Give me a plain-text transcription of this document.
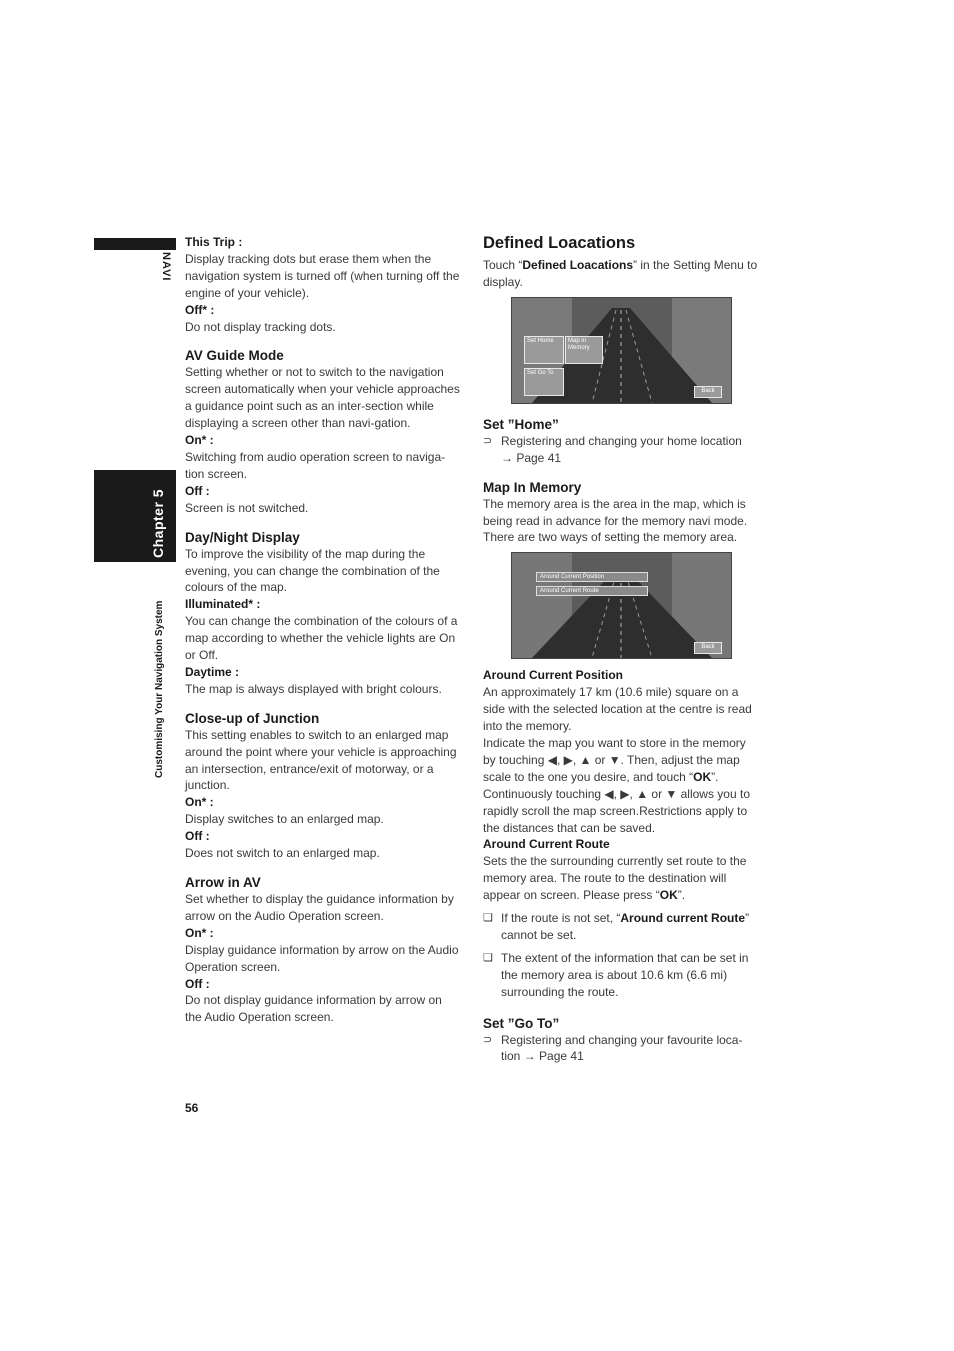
NAVI
Chapter 5
Customising Your Navigation System

This Trip :

Display tracking dots but erase them when the navigation system is turned off (when turning off the engine of your vehicle).

Off* :

Do not display tracking dots.

AV Guide Mode

Setting whether or not to switch to the navigation screen automatically when your vehicle approaches a guidance point such as an inter-section while displaying a screen other than navi-gation.

On* :

Switching from audio operation screen to naviga-tion screen.

Off :

Screen is not switched.

Day/Night Display

To improve the visibility of the map during the evening, you can change the combination of the colours of the map.

Illuminated* :

You can change the combination of the colours of a map according to whether the vehicle lights are On or Off.

Daytime :

The map is always displayed with bright colours.

Close-up of Junction

This setting enables to switch to an enlarged map around the point where your vehicle is approaching an intersection, entrance/exit of motorway, or a junction.

On* :

Display switches to an enlarged map.

Off :

Does not switch to an enlarged map.

Arrow in AV

Set whether to display the guidance information by arrow on the Audio Operation screen.

On* :

Display guidance information by arrow on the Audio Operation screen.

Off :

Do not display guidance information by arrow on the Audio Operation screen.

Defined Loacations

Touch “Defined Loacations” in the Setting Menu to display.

Set Home	Map in Memory
Set Go To
Back

Set ”Home”

⊃ Registering and changing your home location
→ Page 41

Map In Memory

The memory area is the area in the map, which is being read in advance for the memory navi mode. There are two ways of setting the memory area.

Around Current Position
Around Current Route
Back

Around Current Position

An approximately 17 km (10.6 mile) square on a side with the selected location at the centre is read into the memory.

Indicate the map you want to store in the memory by touching ◀, ▶, ▲ or ▼. Then, adjust the map scale to the one you desire, and touch “OK”.

Continuously touching ◀, ▶, ▲ or ▼ allows you to rapidly scroll the map screen.Restrictions apply to the distances that can be saved.

Around Current Route

Sets the the surrounding currently set route to the memory area. The route to the destination will appear on screen. Please press “OK”.

❏ If the route is not set, “Around current Route” cannot be set.
❏ The extent of the information that can be set in the memory area is about 10.6 km (6.6 mi) surrounding the route.

Set ”Go To”

⊃ Registering and changing your favourite loca-tion → Page 41
56
